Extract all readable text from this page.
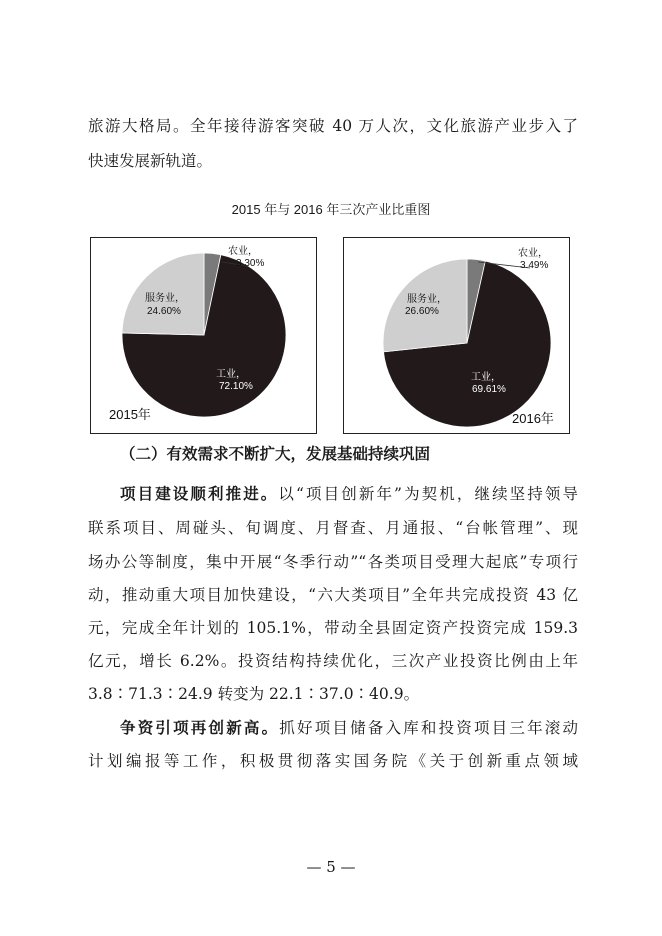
旅游大格局。全年接待游客突破 40 万人次，文化旅游产业步入了
快速发展新轨道。
2015 年与 2016 年三次产业比重图
农业，
3.30%
工业，
72.10%
服务业，
24.60%
2015年
农业，
3.49%
工业，
69.61%
服务业，
26.60%
2016年
（二）有效需求不断扩大，发展基础持续巩固
项目建设顺利推进。以“项目创新年”为契机，继续坚持领导
联系项目、周碰头、旬调度、月督查、月通报、“台帐管理”、现
场办公等制度，集中开展“冬季行动”“各类项目受理大起底”专项行
动，推动重大项目加快建设，“六大类项目”全年共完成投资 43 亿
元，完成全年计划的 105.1%，带动全县固定资产投资完成 159.3
亿元，增长 6.2%。投资结构持续优化，三次产业投资比例由上年
3.8∶71.3∶24.9 转变为 22.1∶37.0∶40.9。
争资引项再创新高。抓好项目储备入库和投资项目三年滚动
计划编报等工作，积极贯彻落实国务院《关于创新重点领域
— 5 —
